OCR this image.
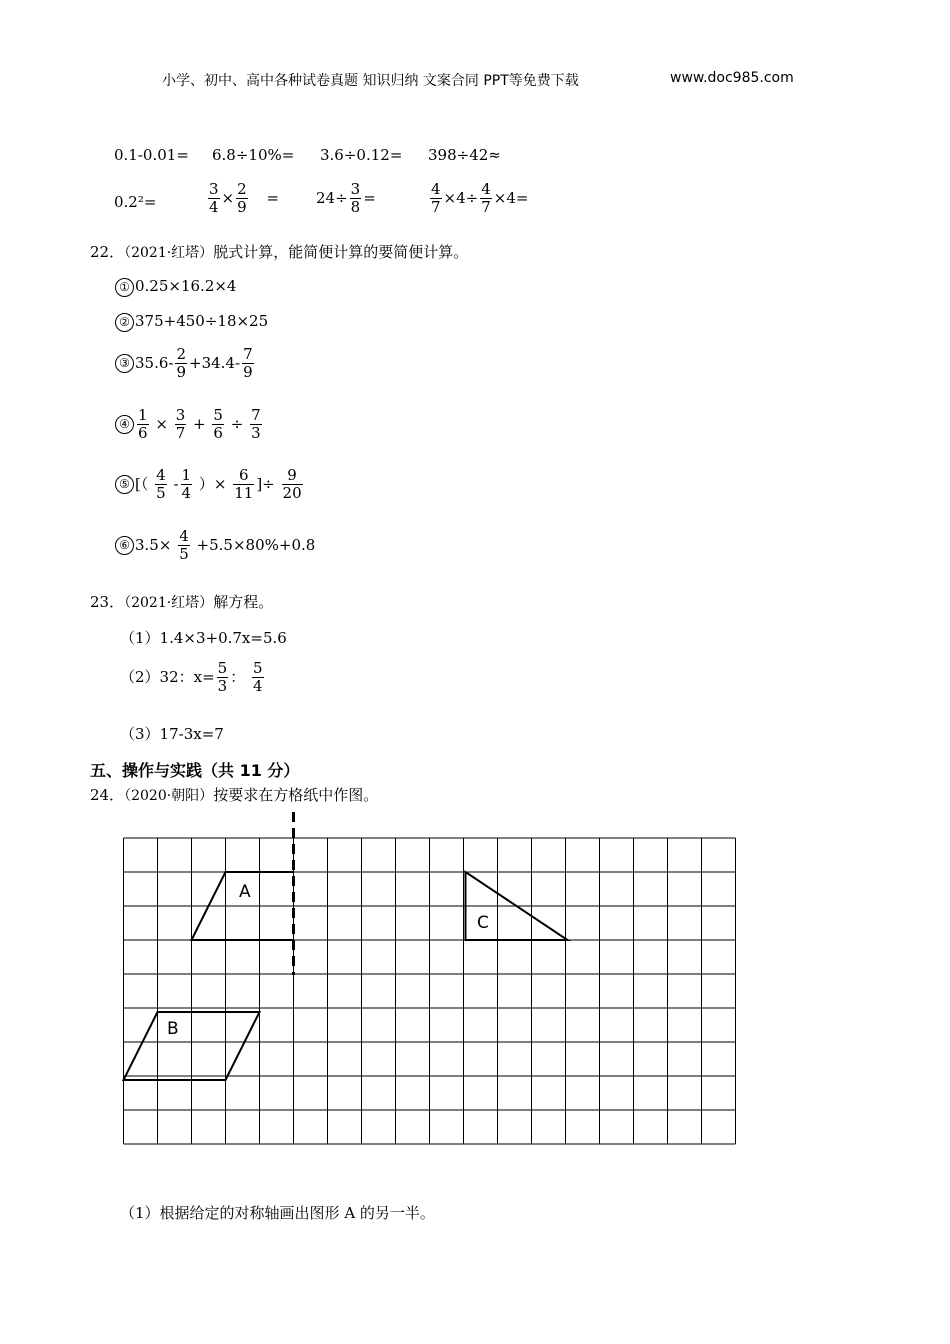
小学、初中、高中各种试卷真题 知识归纳 文案合同 PPT等免费下载	www.doc985.com
0.1-0.01= 6.8÷10%= 3.6÷0.12= 398÷42≈
0.2²=	$\frac{3}{4} \times \frac{2}{9} = 24\div \frac{3}{8}$ =	$\frac{4}{7} \times 4\div \frac{4}{7} \times 4=$
22．（2021·红塔）脱式计算，能简便计算的要简便计算。
① 0.25×16.2×4
② 375+450÷18×25
③ $35.6- \frac{2}{9} +34.4- \frac{7}{9}$
④ $\frac{1}{6} \times \frac{3}{7} + \frac{5}{6} \div \frac{7}{3}$
⑤ [（ $\frac{4}{5} - \frac{1}{4}$ ）× $\frac{6}{11}$ ]÷ $\frac{9}{20}$
⑥ $3.5\times \frac{4}{5} +5.5\times 80\%+0.8$
23．（2021·红塔）解方程。
（1）1.4×3+0.7x=5.6
（2）32：$x= \frac{5}{3}$ ： $\frac{5}{4}$
（3）17-3x=7
五、操作与实践（共 11 分）
24．（2020·朝阳）按要求在方格纸中作图。
A
B
C
（1）根据给定的对称轴画出图形 A 的另一半。
